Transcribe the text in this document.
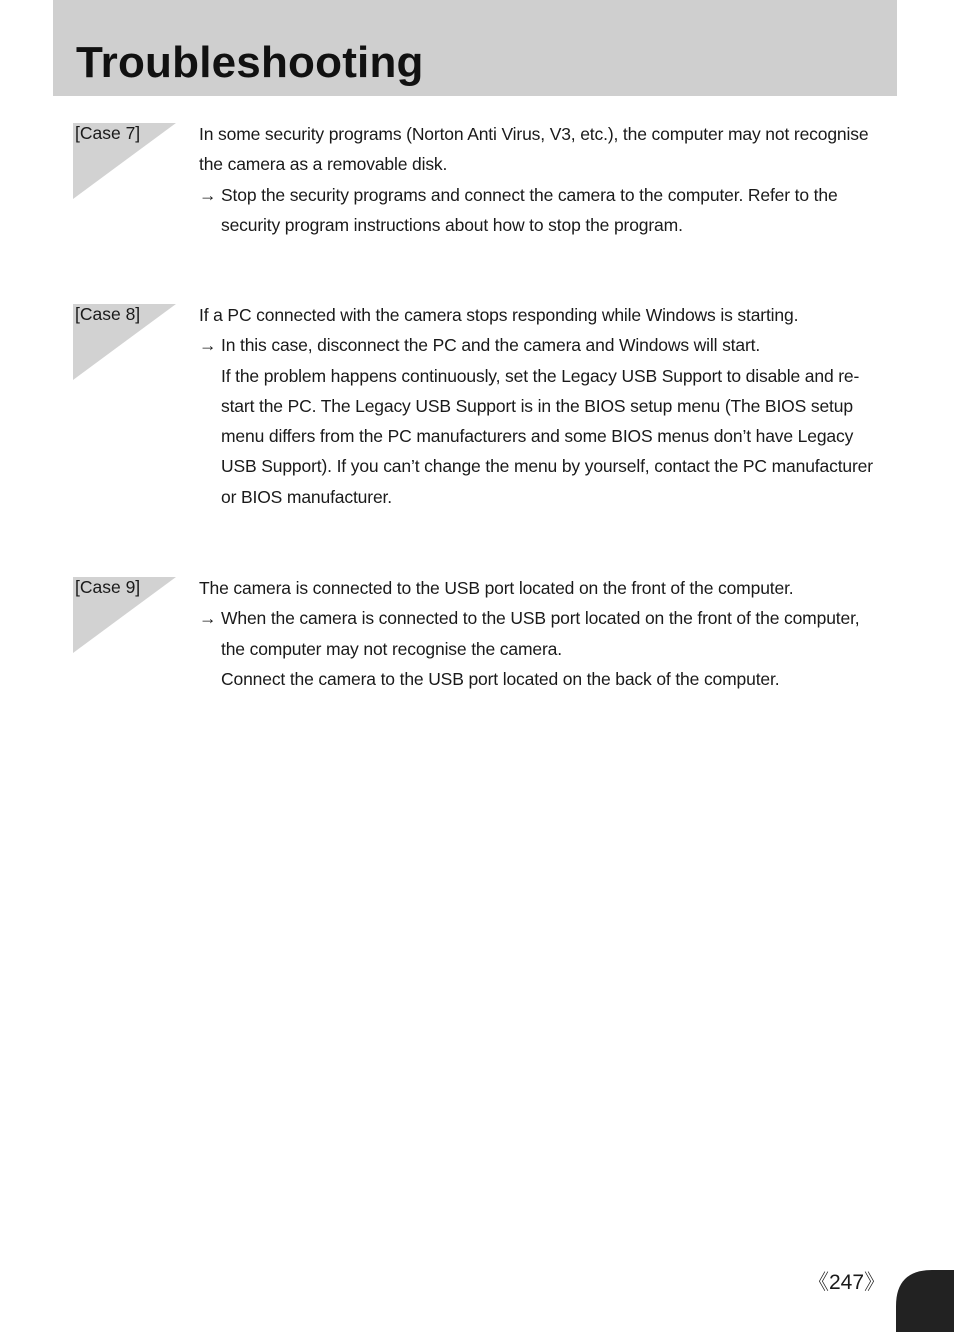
Troubleshooting
[Case 7]	In some security programs (Norton Anti Virus, V3, etc.), the computer may not recognise the camera as a removable disk.

→ Stop the security programs and connect the camera to the computer. Refer to the security program instructions about how to stop the program.

[Case 8]	If a PC connected with the camera stops responding while Windows is starting.

→ In this case, disconnect the PC and the camera and Windows will start.

If the problem happens continuously, set the Legacy USB Support to disable and re-start the PC. The Legacy USB Support is in the BIOS setup menu (The BIOS setup menu differs from the PC manufacturers and some BIOS menus don’t have Legacy USB Support). If you can’t change the menu by yourself, contact the PC manufacturer or BIOS manufacturer.

[Case 9]	The camera is connected to the USB port located on the front of the computer.

→ When the camera is connected to the USB port located on the front of the computer, the computer may not recognise the camera.

Connect the camera to the USB port located on the back of the computer.

《247》
